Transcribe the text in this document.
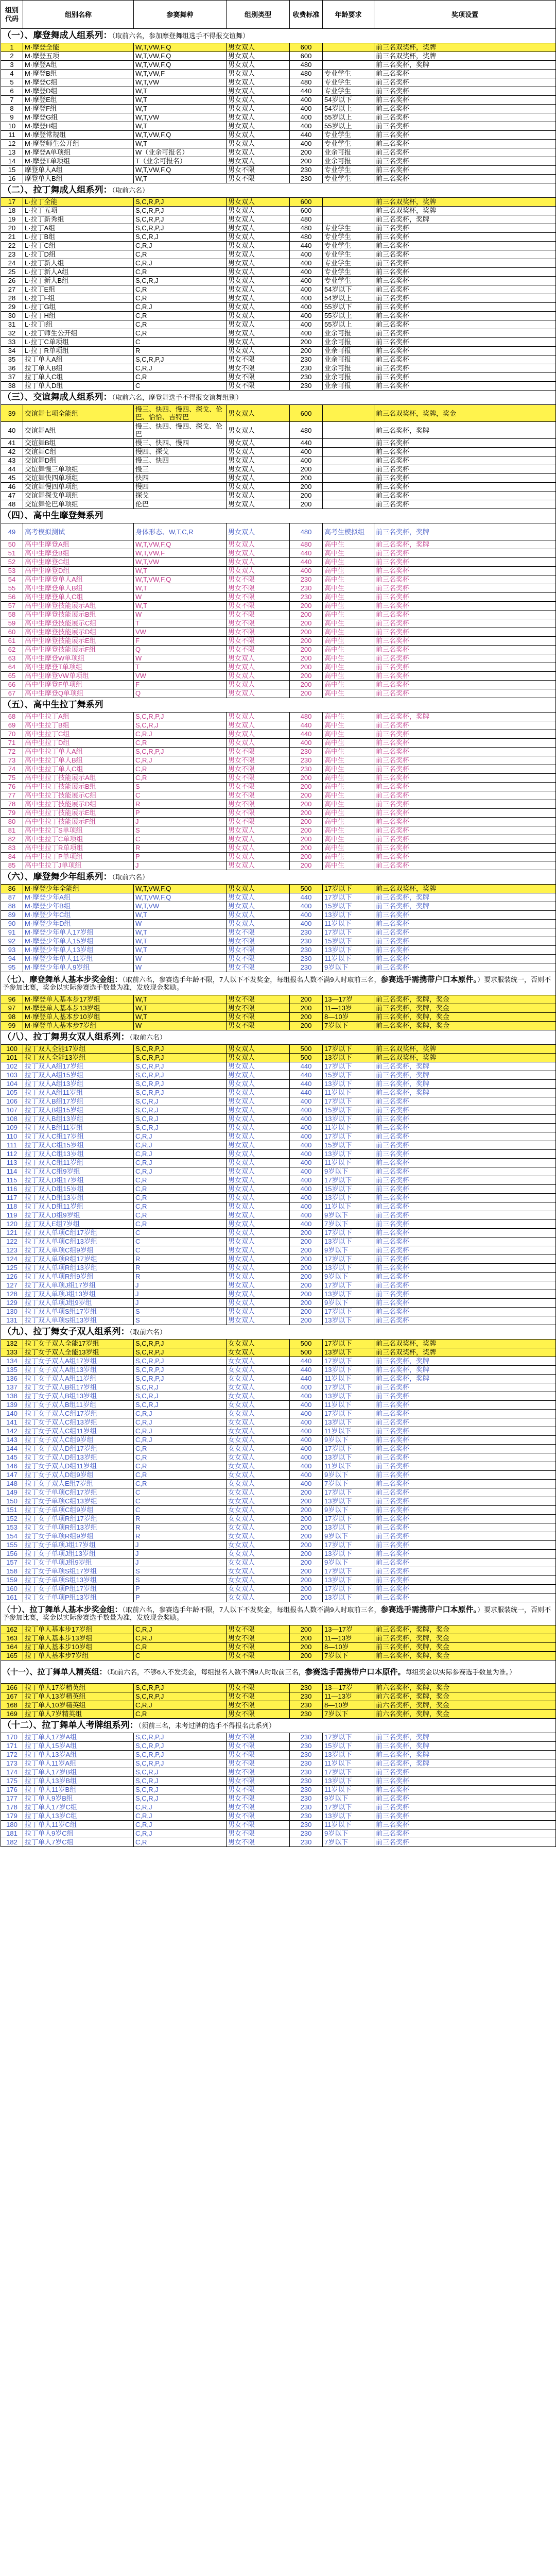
组别代码	组别名称	参赛舞种	组别类型	收费标准	年龄要求	奖项设置
（一）、摩登舞成人组系列：（取前六名，参加摩登舞组选手不得报交谊舞）						
1	M·摩登全能	W,T,VW,F,Q	男女双人	600		前三名双奖杯，奖牌
2	M·摩登五项	W,T,VW,F,Q	男女双人	600		前三名双奖杯，奖牌
3	M·摩登A组	W,T,VW,F,Q	男女双人	480		前三名奖杯，奖牌
4	M·摩登B组	W,T,VW,F	男女双人	480	专业学生	前三名奖杯
5	M·摩登C组	W,T,VW	男女双人	480	专业学生	前三名奖杯
6	M·摩登D组	W,T	男女双人	440	专业学生	前三名奖杯
7	M·摩登E组	W,T	男女双人	400	54岁以下	前三名奖杯
8	M·摩登F组	W,T	男女双人	400	54岁以上	前三名奖杯
9	M·摩登G组	W,T,VW	男女双人	400	55岁以上	前三名奖杯
10	M·摩登H组	W,T	男女双人	400	55岁以上	前三名奖杯
11	M·摩登常规组	W,T,VW,F,Q	男女双人	440	专业学生	前三名奖杯
12	M·摩登师生公开组	W,T	男女双人	400	专业学生	前三名奖杯
13	M·摩登A单项组	W（业余可报名）	男女双人	200	业余可报	前三名奖杯
14	M·摩登T单项组	T（业余可报名）	男女双人	200	业余可报	前三名奖杯
15	摩登单人A组	W,T,VW,F,Q	男女不限	230	专业学生	前三名奖杯
16	摩登单人B组	W,T	男女不限	230	专业学生	前三名奖杯
（二）、拉丁舞成人组系列：（取前六名）						
17	L·拉丁全能	S,C,R,P,J	男女双人	600		前三名双奖杯，奖牌
18	L·拉丁五项	S,C,R,P,J	男女双人	600		前三名双奖杯，奖牌
19	L·拉丁新秀组	S,C,R,P,J	男女双人	480		前三名奖杯，奖牌
20	L·拉丁A组	S,C,R,P,J	男女双人	480	专业学生	前三名奖杯
21	L·拉丁B组	S,C,R,J	男女双人	480	专业学生	前三名奖杯
22	L·拉丁C组	C,R,J	男女双人	440	专业学生	前三名奖杯
23	L·拉丁D组	C,R	男女双人	400	专业学生	前三名奖杯
24	L·拉丁新人组	C,R,J	男女双人	400	专业学生	前三名奖杯
25	L·拉丁新人A组	C,R	男女双人	400	专业学生	前三名奖杯
26	L·拉丁新人B组	S,C,R,J	男女双人	400	专业学生	前三名奖杯
27	L·拉丁E组	C,R	男女双人	400	54岁以下	前三名奖杯
28	L·拉丁F组	C,R	男女双人	400	54岁以上	前三名奖杯
29	L·拉丁G组	C,R,J	男女双人	400	55岁以下	前三名奖杯
30	L·拉丁H组	C,R	男女双人	400	55岁以上	前三名奖杯
31	L·拉丁I组	C,R	男女双人	400	55岁以上	前三名奖杯
32	L·拉丁师生公开组	C,R	男女双人	400	业余可报	前三名奖杯
33	L·拉丁C单项组	C	男女双人	200	业余可报	前三名奖杯
34	L·拉丁R单项组	R	男女双人	200	业余可报	前三名奖杯
35	拉丁单人A组	S,C,R,P,J	男女不限	230	业余可报	前三名奖杯
36	拉丁单人B组	C,R,J	男女不限	230	业余可报	前三名奖杯
37	拉丁单人C组	C,R	男女不限	230	业余可报	前三名奖杯
38	拉丁单人D组	C	男女不限	230	业余可报	前三名奖杯
（三）、交谊舞成人组系列：（取前六名，摩登舞选手不得报交谊舞组别）						
39	交谊舞七项全能组	慢三、快四、慢四、探戈、伦巴、恰恰、吉特巴	男女双人	600		前三名双奖杯，奖牌，奖金
40	交谊舞A组	慢三、快四、慢四、探戈、伦巴	男女双人	480		前三名奖杯，奖牌
41	交谊舞B组	慢三、快四、慢四	男女双人	440		前三名奖杯
42	交谊舞C组	慢四、探戈	男女双人	400		前三名奖杯
43	交谊舞D组	慢三、快四	男女双人	400		前三名奖杯
44	交谊舞慢三单项组	慢三	男女双人	200		前三名奖杯
45	交谊舞快四单项组	快四	男女双人	200		前三名奖杯
46	交谊舞慢四单项组	慢四	男女双人	200		前三名奖杯
47	交谊舞探戈单项组	探戈	男女双人	200		前三名奖杯
48	交谊舞伦巴单项组	伦巴	男女双人	200		前三名奖杯
（四）、高中生摩登舞系列						
49	高考模拟测试	身体形态、W,T,C,R	男女双人	480	高考生模拟组	前三名奖杯，奖牌
50	高中生摩登A组	W,T,VW,F,Q	男女双人	480	高中生	前三名奖杯，奖牌
51	高中生摩登B组	W,T,VW,F	男女双人	440	高中生	前三名奖杯
52	高中生摩登C组	W,T,VW	男女双人	440	高中生	前三名奖杯
53	高中生摩登D组	W,T	男女双人	400	高中生	前三名奖杯
54	高中生摩登单人A组	W,T,VW,F,Q	男女不限	230	高中生	前三名奖杯
55	高中生摩登单人B组	W,T	男女不限	230	高中生	前三名奖杯
56	高中生摩登单人C组	W	男女不限	230	高中生	前三名奖杯
57	高中生摩登技能展示A组	W,T	男女不限	200	高中生	前三名奖杯
58	高中生摩登技能展示B组	W	男女不限	200	高中生	前三名奖杯
59	高中生摩登技能展示C组	T	男女不限	200	高中生	前三名奖杯
60	高中生摩登技能展示D组	VW	男女不限	200	高中生	前三名奖杯
61	高中生摩登技能展示E组	F	男女不限	200	高中生	前三名奖杯
62	高中生摩登技能展示F组	Q	男女不限	200	高中生	前三名奖杯
63	高中生摩登W单项组	W	男女双人	200	高中生	前三名奖杯
64	高中生摩登T单项组	T	男女双人	200	高中生	前三名奖杯
65	高中生摩登VW单项组	VW	男女双人	200	高中生	前三名奖杯
66	高中生摩登F单项组	F	男女双人	200	高中生	前三名奖杯
67	高中生摩登Q单项组	Q	男女双人	200	高中生	前三名奖杯
（五）、高中生拉丁舞系列						
68	高中生拉丁A组	S,C,R,P,J	男女双人	480	高中生	前三名奖杯，奖牌
69	高中生拉丁B组	S,C,R,J	男女双人	440	高中生	前三名奖杯
70	高中生拉丁C组	C,R,J	男女双人	440	高中生	前三名奖杯
71	高中生拉丁D组	C,R	男女双人	400	高中生	前三名奖杯
72	高中生拉丁单人A组	S,C,R,P,J	男女不限	230	高中生	前三名奖杯
73	高中生拉丁单人B组	C,R,J	男女不限	230	高中生	前三名奖杯
74	高中生拉丁单人C组	C,R	男女不限	230	高中生	前三名奖杯
75	高中生拉丁技能展示A组	C,R	男女不限	200	高中生	前三名奖杯
76	高中生拉丁技能展示B组	S	男女不限	200	高中生	前三名奖杯
77	高中生拉丁技能展示C组	C	男女不限	200	高中生	前三名奖杯
78	高中生拉丁技能展示D组	R	男女不限	200	高中生	前三名奖杯
79	高中生拉丁技能展示E组	P	男女不限	200	高中生	前三名奖杯
80	高中生拉丁技能展示F组	J	男女不限	200	高中生	前三名奖杯
81	高中生拉丁S单项组	S	男女双人	200	高中生	前三名奖杯
82	高中生拉丁C单项组	C	男女双人	200	高中生	前三名奖杯
83	高中生拉丁R单项组	R	男女双人	200	高中生	前三名奖杯
84	高中生拉丁P单项组	P	男女双人	200	高中生	前三名奖杯
85	高中生拉丁J单项组	J	男女双人	200	高中生	前三名奖杯
（六）、摩登舞少年组系列：（取前六名）						
86	M·摩登少年全能组	W,T,VW,F,Q	男女双人	500	17岁以下	前三名双奖杯，奖牌
87	M·摩登少年A组	W,T,VW,F,Q	男女双人	440	17岁以下	前三名奖杯，奖牌
88	M·摩登少年B组	W,T,VW	男女双人	400	15岁以下	前三名奖杯，奖牌
89	M·摩登少年C组	W,T	男女双人	400	13岁以下	前三名奖杯
90	M·摩登少年D组	W	男女双人	400	11岁以下	前三名奖杯
91	M·摩登少年单人17岁组	W,T	男女不限	230	17岁以下	前三名奖杯
92	M·摩登少年单人15岁组	W,T	男女不限	230	15岁以下	前三名奖杯
93	M·摩登少年单人13岁组	W,T	男女不限	230	13岁以下	前三名奖杯
94	M·摩登少年单人11岁组	W	男女不限	230	11岁以下	前三名奖杯
95	M·摩登少年单人9岁组	W	男女不限	230	9岁以下	前三名奖杯
（七）、摩登舞单人基本步奖金组：（取前六名，参赛选手年龄不限，7人以下不发奖金，每组报名人数不满9人时取前三名，参赛选手需携带户口本原件。）要求服装统一，否则不予参加比赛，奖金以实际参赛选手数量为准，发放现金奖励。						
96	M·摩登单人基本步17岁组	W,T	男女不限	200	13—17岁	前三名奖杯，奖牌，奖金
97	M·摩登单人基本步13岁组	W,T	男女不限	200	11—13岁	前三名奖杯，奖牌，奖金
98	M·摩登单人基本步10岁组	W,T	男女不限	200	8—10岁	前三名奖杯，奖牌，奖金
99	M·摩登单人基本步7岁组	W	男女不限	200	7岁以下	前三名奖杯，奖牌，奖金
（八）、拉丁舞男女双人组系列：（取前六名）						
100	拉丁双人全能17岁组	S,C,R,P,J	男女双人	500	17岁以下	前三名双奖杯，奖牌
101	拉丁双人全能13岁组	S,C,R,P,J	男女双人	500	13岁以下	前三名双奖杯，奖牌
102	拉丁双人A组17岁组	S,C,R,P,J	男女双人	440	17岁以下	前三名奖杯，奖牌
103	拉丁双人A组15岁组	S,C,R,P,J	男女双人	440	15岁以下	前三名奖杯，奖牌
104	拉丁双人A组13岁组	S,C,R,P,J	男女双人	440	13岁以下	前三名奖杯，奖牌
105	拉丁双人A组11岁组	S,C,R,P,J	男女双人	440	11岁以下	前三名奖杯，奖牌
106	拉丁双人B组17岁组	S,C,R,J	男女双人	400	17岁以下	前三名奖杯
107	拉丁双人B组15岁组	S,C,R,J	男女双人	400	15岁以下	前三名奖杯
108	拉丁双人B组13岁组	S,C,R,J	男女双人	400	13岁以下	前三名奖杯
109	拉丁双人B组11岁组	S,C,R,J	男女双人	400	11岁以下	前三名奖杯
110	拉丁双人C组17岁组	C,R,J	男女双人	400	17岁以下	前三名奖杯
111	拉丁双人C组15岁组	C,R,J	男女双人	400	15岁以下	前三名奖杯
112	拉丁双人C组13岁组	C,R,J	男女双人	400	13岁以下	前三名奖杯
113	拉丁双人C组11岁组	C,R,J	男女双人	400	11岁以下	前三名奖杯
114	拉丁双人C组9岁组	C,R,J	男女双人	400	9岁以下	前三名奖杯
115	拉丁双人D组17岁组	C,R	男女双人	400	17岁以下	前三名奖杯
116	拉丁双人D组15岁组	C,R	男女双人	400	15岁以下	前三名奖杯
117	拉丁双人D组13岁组	C,R	男女双人	400	13岁以下	前三名奖杯
118	拉丁双人D组11岁组	C,R	男女双人	400	11岁以下	前三名奖杯
119	拉丁双人D组9岁组	C,R	男女双人	400	9岁以下	前三名奖杯
120	拉丁双人E组7岁组	C,R	男女双人	400	7岁以下	前三名奖杯
121	拉丁双人单项C组17岁组	C	男女双人	200	17岁以下	前三名奖杯
122	拉丁双人单项C组13岁组	C	男女双人	200	13岁以下	前三名奖杯
123	拉丁双人单项C组9岁组	C	男女双人	200	9岁以下	前三名奖杯
124	拉丁双人单项R组17岁组	R	男女双人	200	17岁以下	前三名奖杯
125	拉丁双人单项R组13岁组	R	男女双人	200	13岁以下	前三名奖杯
126	拉丁双人单项R组9岁组	R	男女双人	200	9岁以下	前三名奖杯
127	拉丁双人单项J组17岁组	J	男女双人	200	17岁以下	前三名奖杯
128	拉丁双人单项J组13岁组	J	男女双人	200	13岁以下	前三名奖杯
129	拉丁双人单项J组9岁组	J	男女双人	200	9岁以下	前三名奖杯
130	拉丁双人单项S组17岁组	S	男女双人	200	17岁以下	前三名奖杯
131	拉丁双人单项S组13岁组	S	男女双人	200	13岁以下	前三名奖杯
（九）、拉丁舞女子双人组系列：（取前六名）						
132	拉丁女子双人全能17岁组	S,C,R,P,J	女女双人	500	17岁以下	前三名双奖杯，奖牌
133	拉丁女子双人全能13岁组	S,C,R,P,J	女女双人	500	13岁以下	前三名双奖杯，奖牌
134	拉丁女子双人A组17岁组	S,C,R,P,J	女女双人	440	17岁以下	前三名奖杯，奖牌
135	拉丁女子双人A组13岁组	S,C,R,P,J	女女双人	440	13岁以下	前三名奖杯，奖牌
136	拉丁女子双人A组11岁组	S,C,R,P,J	女女双人	440	11岁以下	前三名奖杯，奖牌
137	拉丁女子双人B组17岁组	S,C,R,J	女女双人	400	17岁以下	前三名奖杯
138	拉丁女子双人B组13岁组	S,C,R,J	女女双人	400	13岁以下	前三名奖杯
139	拉丁女子双人B组11岁组	S,C,R,J	女女双人	400	11岁以下	前三名奖杯
140	拉丁女子双人C组17岁组	C,R,J	女女双人	400	17岁以下	前三名奖杯
141	拉丁女子双人C组13岁组	C,R,J	女女双人	400	13岁以下	前三名奖杯
142	拉丁女子双人C组11岁组	C,R,J	女女双人	400	11岁以下	前三名奖杯
143	拉丁女子双人C组9岁组	C,R,J	女女双人	400	9岁以下	前三名奖杯
144	拉丁女子双人D组17岁组	C,R	女女双人	400	17岁以下	前三名奖杯
145	拉丁女子双人D组13岁组	C,R	女女双人	400	13岁以下	前三名奖杯
146	拉丁女子双人D组11岁组	C,R	女女双人	400	11岁以下	前三名奖杯
147	拉丁女子双人D组9岁组	C,R	女女双人	400	9岁以下	前三名奖杯
148	拉丁女子双人E组7岁组	C,R	女女双人	400	7岁以下	前三名奖杯
149	拉丁女子单项C组17岁组	C	女女双人	200	17岁以下	前三名奖杯
150	拉丁女子单项C组13岁组	C	女女双人	200	13岁以下	前三名奖杯
151	拉丁女子单项C组9岁组	C	女女双人	200	9岁以下	前三名奖杯
152	拉丁女子单项R组17岁组	R	女女双人	200	17岁以下	前三名奖杯
153	拉丁女子单项R组13岁组	R	女女双人	200	13岁以下	前三名奖杯
154	拉丁女子单项R组9岁组	R	女女双人	200	9岁以下	前三名奖杯
155	拉丁女子单项J组17岁组	J	女女双人	200	17岁以下	前三名奖杯
156	拉丁女子单项J组13岁组	J	女女双人	200	13岁以下	前三名奖杯
157	拉丁女子单项J组9岁组	J	女女双人	200	9岁以下	前三名奖杯
158	拉丁女子单项S组17岁组	S	女女双人	200	17岁以下	前三名奖杯
159	拉丁女子单项S组13岁组	S	女女双人	200	13岁以下	前三名奖杯
160	拉丁女子单项P组17岁组	P	女女双人	200	17岁以下	前三名奖杯
161	拉丁女子单项P组13岁组	P	女女双人	200	13岁以下	前三名奖杯
（十）、拉丁舞单人基本步奖金组：（取前六名，参赛选手年龄不限，7人以下不发奖金，每组报名人数不满9人时取前三名，参赛选手需携带户口本原件。）要求服装统一，否则不予参加比赛，奖金以实际参赛选手数量为准，发放现金奖励。						
162	拉丁单人基本步17岁组	C,R,J	男女不限	200	13—17岁	前三名奖杯，奖牌，奖金
163	拉丁单人基本步13岁组	C,R,J	男女不限	200	11—13岁	前三名奖杯，奖牌，奖金
164	拉丁单人基本步10岁组	C,R	男女不限	200	8—10岁	前三名奖杯，奖牌，奖金
165	拉丁单人基本步7岁组	C	男女不限	200	7岁以下	前三名奖杯，奖牌，奖金
（十一）、拉丁舞单人精英组：（取前六名，不够6人不发奖金，每组报名人数不满9人时取前三名，参赛选手需携带户口本原件。每组奖金以实际参赛选手数量为准。）						
166	拉丁单人17岁精英组	S,C,R,P,J	男女不限	230	13—17岁	前六名奖杯，奖牌，奖金
167	拉丁单人13岁精英组	S,C,R,P,J	男女不限	230	11—13岁	前六名奖杯，奖牌，奖金
168	拉丁单人10岁精英组	C,R,J	男女不限	230	8—10岁	前六名奖杯，奖牌，奖金
169	拉丁单人7岁精英组	C,R	男女不限	230	7岁以下	前六名奖杯，奖牌，奖金
（十二）、拉丁舞单人考牌组系列：（须前三名，未考过牌的选手不得报名此系列）						
170	拉丁单人17岁A组	S,C,R,P,J	男女不限	230	17岁以下	前三名奖杯，奖牌
171	拉丁单人15岁A组	S,C,R,P,J	男女不限	230	15岁以下	前三名奖杯，奖牌
172	拉丁单人13岁A组	S,C,R,P,J	男女不限	230	13岁以下	前三名奖杯，奖牌
173	拉丁单人11岁A组	S,C,R,P,J	男女不限	230	11岁以下	前三名奖杯，奖牌
174	拉丁单人17岁B组	S,C,R,J	男女不限	230	17岁以下	前三名奖杯
175	拉丁单人13岁B组	S,C,R,J	男女不限	230	13岁以下	前三名奖杯
176	拉丁单人11岁B组	S,C,R,J	男女不限	230	11岁以下	前三名奖杯
177	拉丁单人9岁B组	S,C,R,J	男女不限	230	9岁以下	前三名奖杯
178	拉丁单人17岁C组	C,R,J	男女不限	230	17岁以下	前三名奖杯
179	拉丁单人13岁C组	C,R,J	男女不限	230	13岁以下	前三名奖杯
180	拉丁单人11岁C组	C,R,J	男女不限	230	11岁以下	前三名奖杯
181	拉丁单人9岁C组	C,R,J	男女不限	230	9岁以下	前三名奖杯
182	拉丁单人7岁C组	C,R	男女不限	230	7岁以下	前三名奖杯
